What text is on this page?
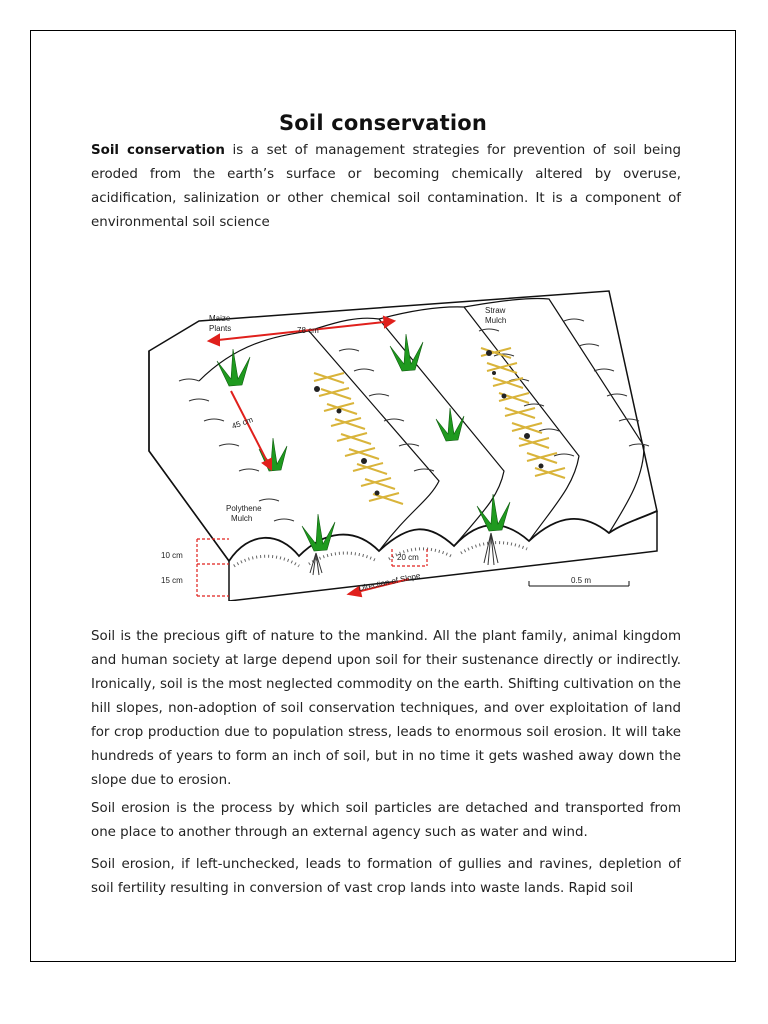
Soil conservation

Soil conservation is a set of management strategies for prevention of soil being eroded from the earth’s surface or becoming chemically altered by overuse, acidification, salinization or other chemical soil contamination. It is a component of environmental soil science

Maize
Plants
Straw
Mulch
78 cm
45 cm
Polythene
Mulch
10 cm
15 cm
20 cm
Direction of Slope	0.5 m

Soil is the precious gift of nature to the mankind. All the plant family, animal kingdom and human society at large depend upon soil for their sustenance directly or indirectly. Ironically, soil is the most neglected commodity on the earth. Shifting cultivation on the hill slopes, non-adoption of soil conservation techniques, and over exploitation of land for crop production due to population stress, leads to enormous soil erosion. It will take hundreds of years to form an inch of soil, but in no time it gets washed away down the slope due to erosion.

Soil erosion is the process by which soil particles are detached and transported from one place to another through an external agency such as water and wind.

Soil erosion, if left-unchecked, leads to formation of gullies and ravines, depletion of soil fertility resulting in conversion of vast crop lands into waste lands. Rapid soil
